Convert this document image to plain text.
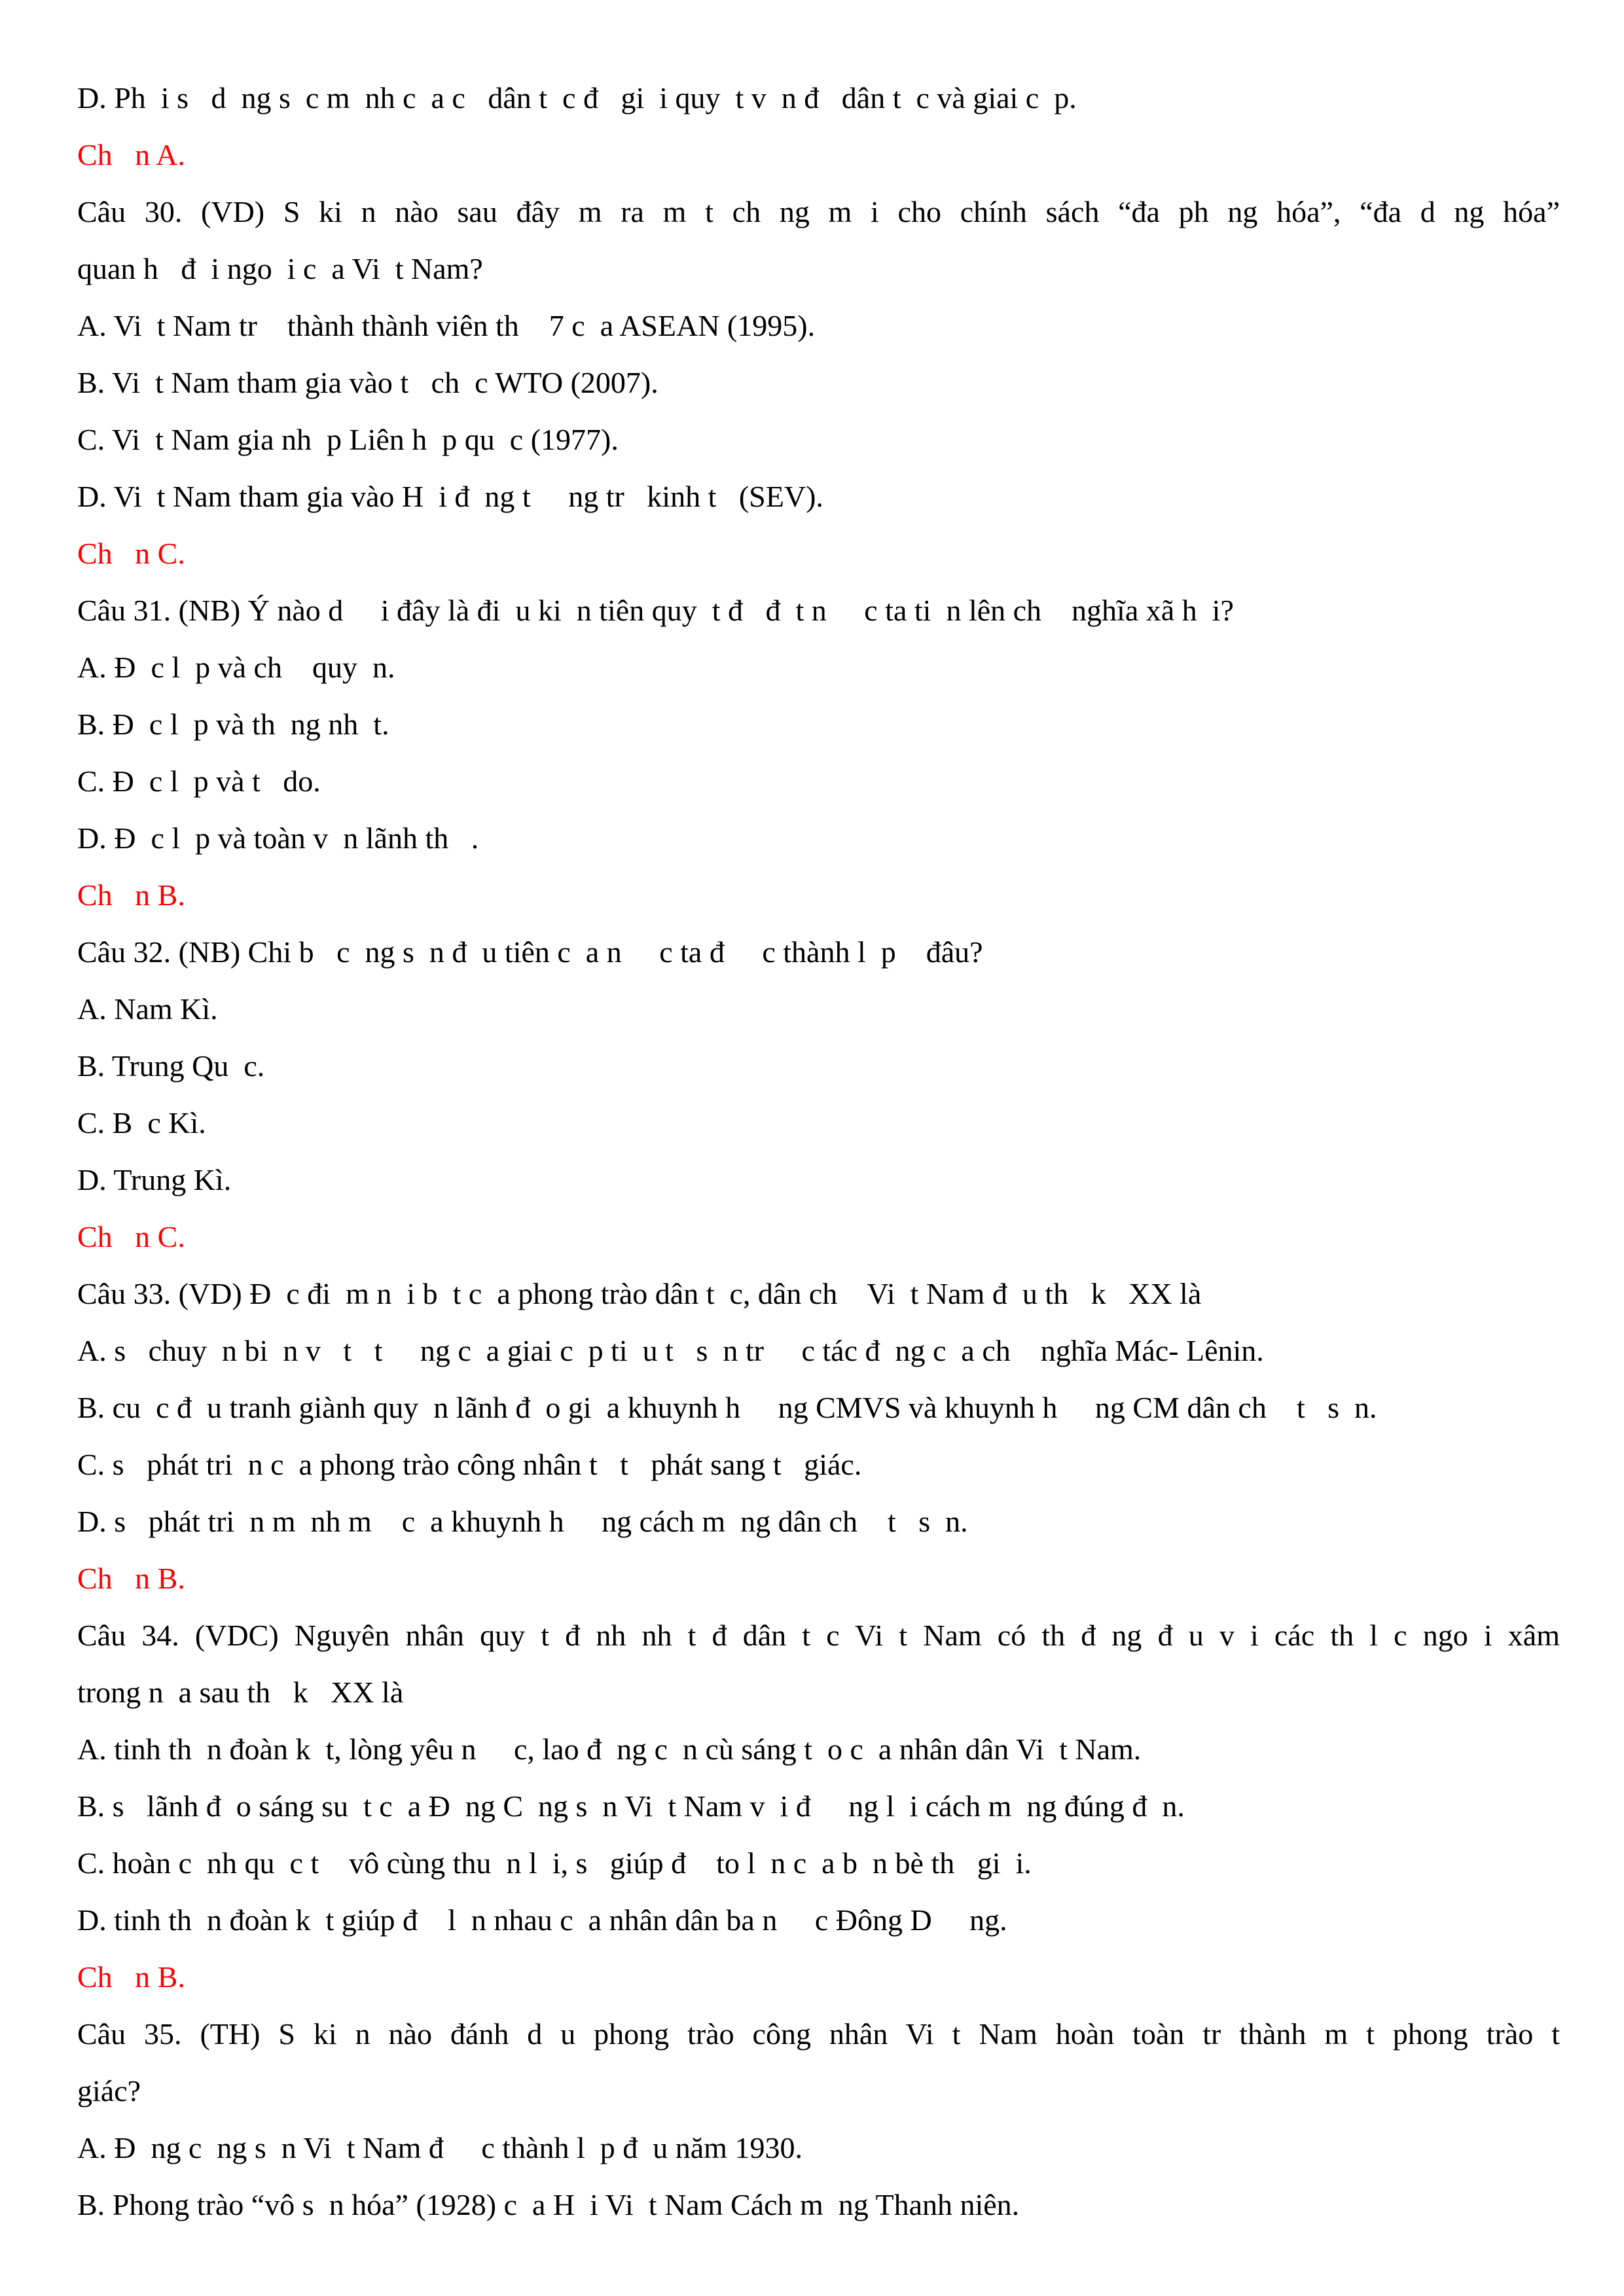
D. Ph  i s   d  ng s  c m  nh c  a c   dân t  c đ   gi  i quy  t v  n đ   dân t  c và giai c  p.
Ch   n A.
Câu 30. (VD) S ki n nào sau đây m ra m t ch ng m i cho chính sách “đa ph ng hóa”, “đa d ng hóa”
quan h   đ  i ngo  i c  a Vi  t Nam?
A. Vi  t Nam tr    thành thành viên th    7 c  a ASEAN (1995).
B. Vi  t Nam tham gia vào t   ch  c WTO (2007).
C. Vi  t Nam gia nh  p Liên h  p qu  c (1977).
D. Vi  t Nam tham gia vào H  i đ  ng t     ng tr   kinh t   (SEV).
Ch   n C.
Câu 31. (NB) Ý nào d     i đây là đi  u ki  n tiên quy  t đ   đ  t n     c ta ti  n lên ch    nghĩa xã h  i?
A. Đ  c l  p và ch    quy  n.
B. Đ  c l  p và th  ng nh  t.
C. Đ  c l  p và t   do.
D. Đ  c l  p và toàn v  n lãnh th   .
Ch   n B.
Câu 32. (NB) Chi b   c  ng s  n đ  u tiên c  a n     c ta đ     c thành l  p    đâu?
A. Nam Kì.
B. Trung Qu  c.
C. B  c Kì.
D. Trung Kì.
Ch   n C.
Câu 33. (VD) Đ  c đi  m n  i b  t c  a phong trào dân t  c, dân ch    Vi  t Nam đ  u th   k   XX là
A. s   chuy  n bi  n v   t   t     ng c  a giai c  p ti  u t   s  n tr     c tác đ  ng c  a ch    nghĩa Mác- Lênin.
B. cu  c đ  u tranh giành quy  n lãnh đ  o gi  a khuynh h     ng CMVS và khuynh h     ng CM dân ch    t   s  n.
C. s   phát tri  n c  a phong trào công nhân t   t   phát sang t   giác.
D. s   phát tri  n m  nh m    c  a khuynh h     ng cách m  ng dân ch    t   s  n.
Ch   n B.
Câu 34. (VDC) Nguyên nhân quy t đ nh nh t đ dân t c Vi t Nam có th đ ng đ u v i các th l c ngo i xâm
trong n  a sau th   k   XX là
A. tinh th  n đoàn k  t, lòng yêu n     c, lao đ  ng c  n cù sáng t  o c  a nhân dân Vi  t Nam.
B. s   lãnh đ  o sáng su  t c  a Đ  ng C  ng s  n Vi  t Nam v  i đ     ng l  i cách m  ng đúng đ  n.
C. hoàn c  nh qu  c t    vô cùng thu  n l  i, s   giúp đ    to l  n c  a b  n bè th   gi  i.
D. tinh th  n đoàn k  t giúp đ    l  n nhau c  a nhân dân ba n     c Đông D     ng.
Ch   n B.
Câu 35. (TH) S ki n nào đánh d u phong trào công nhân Vi t Nam hoàn toàn tr thành m t phong trào t
giác?
A. Đ  ng c  ng s  n Vi  t Nam đ     c thành l  p đ  u năm 1930.
B. Phong trào “vô s  n hóa” (1928) c  a H  i Vi  t Nam Cách m  ng Thanh niên.
